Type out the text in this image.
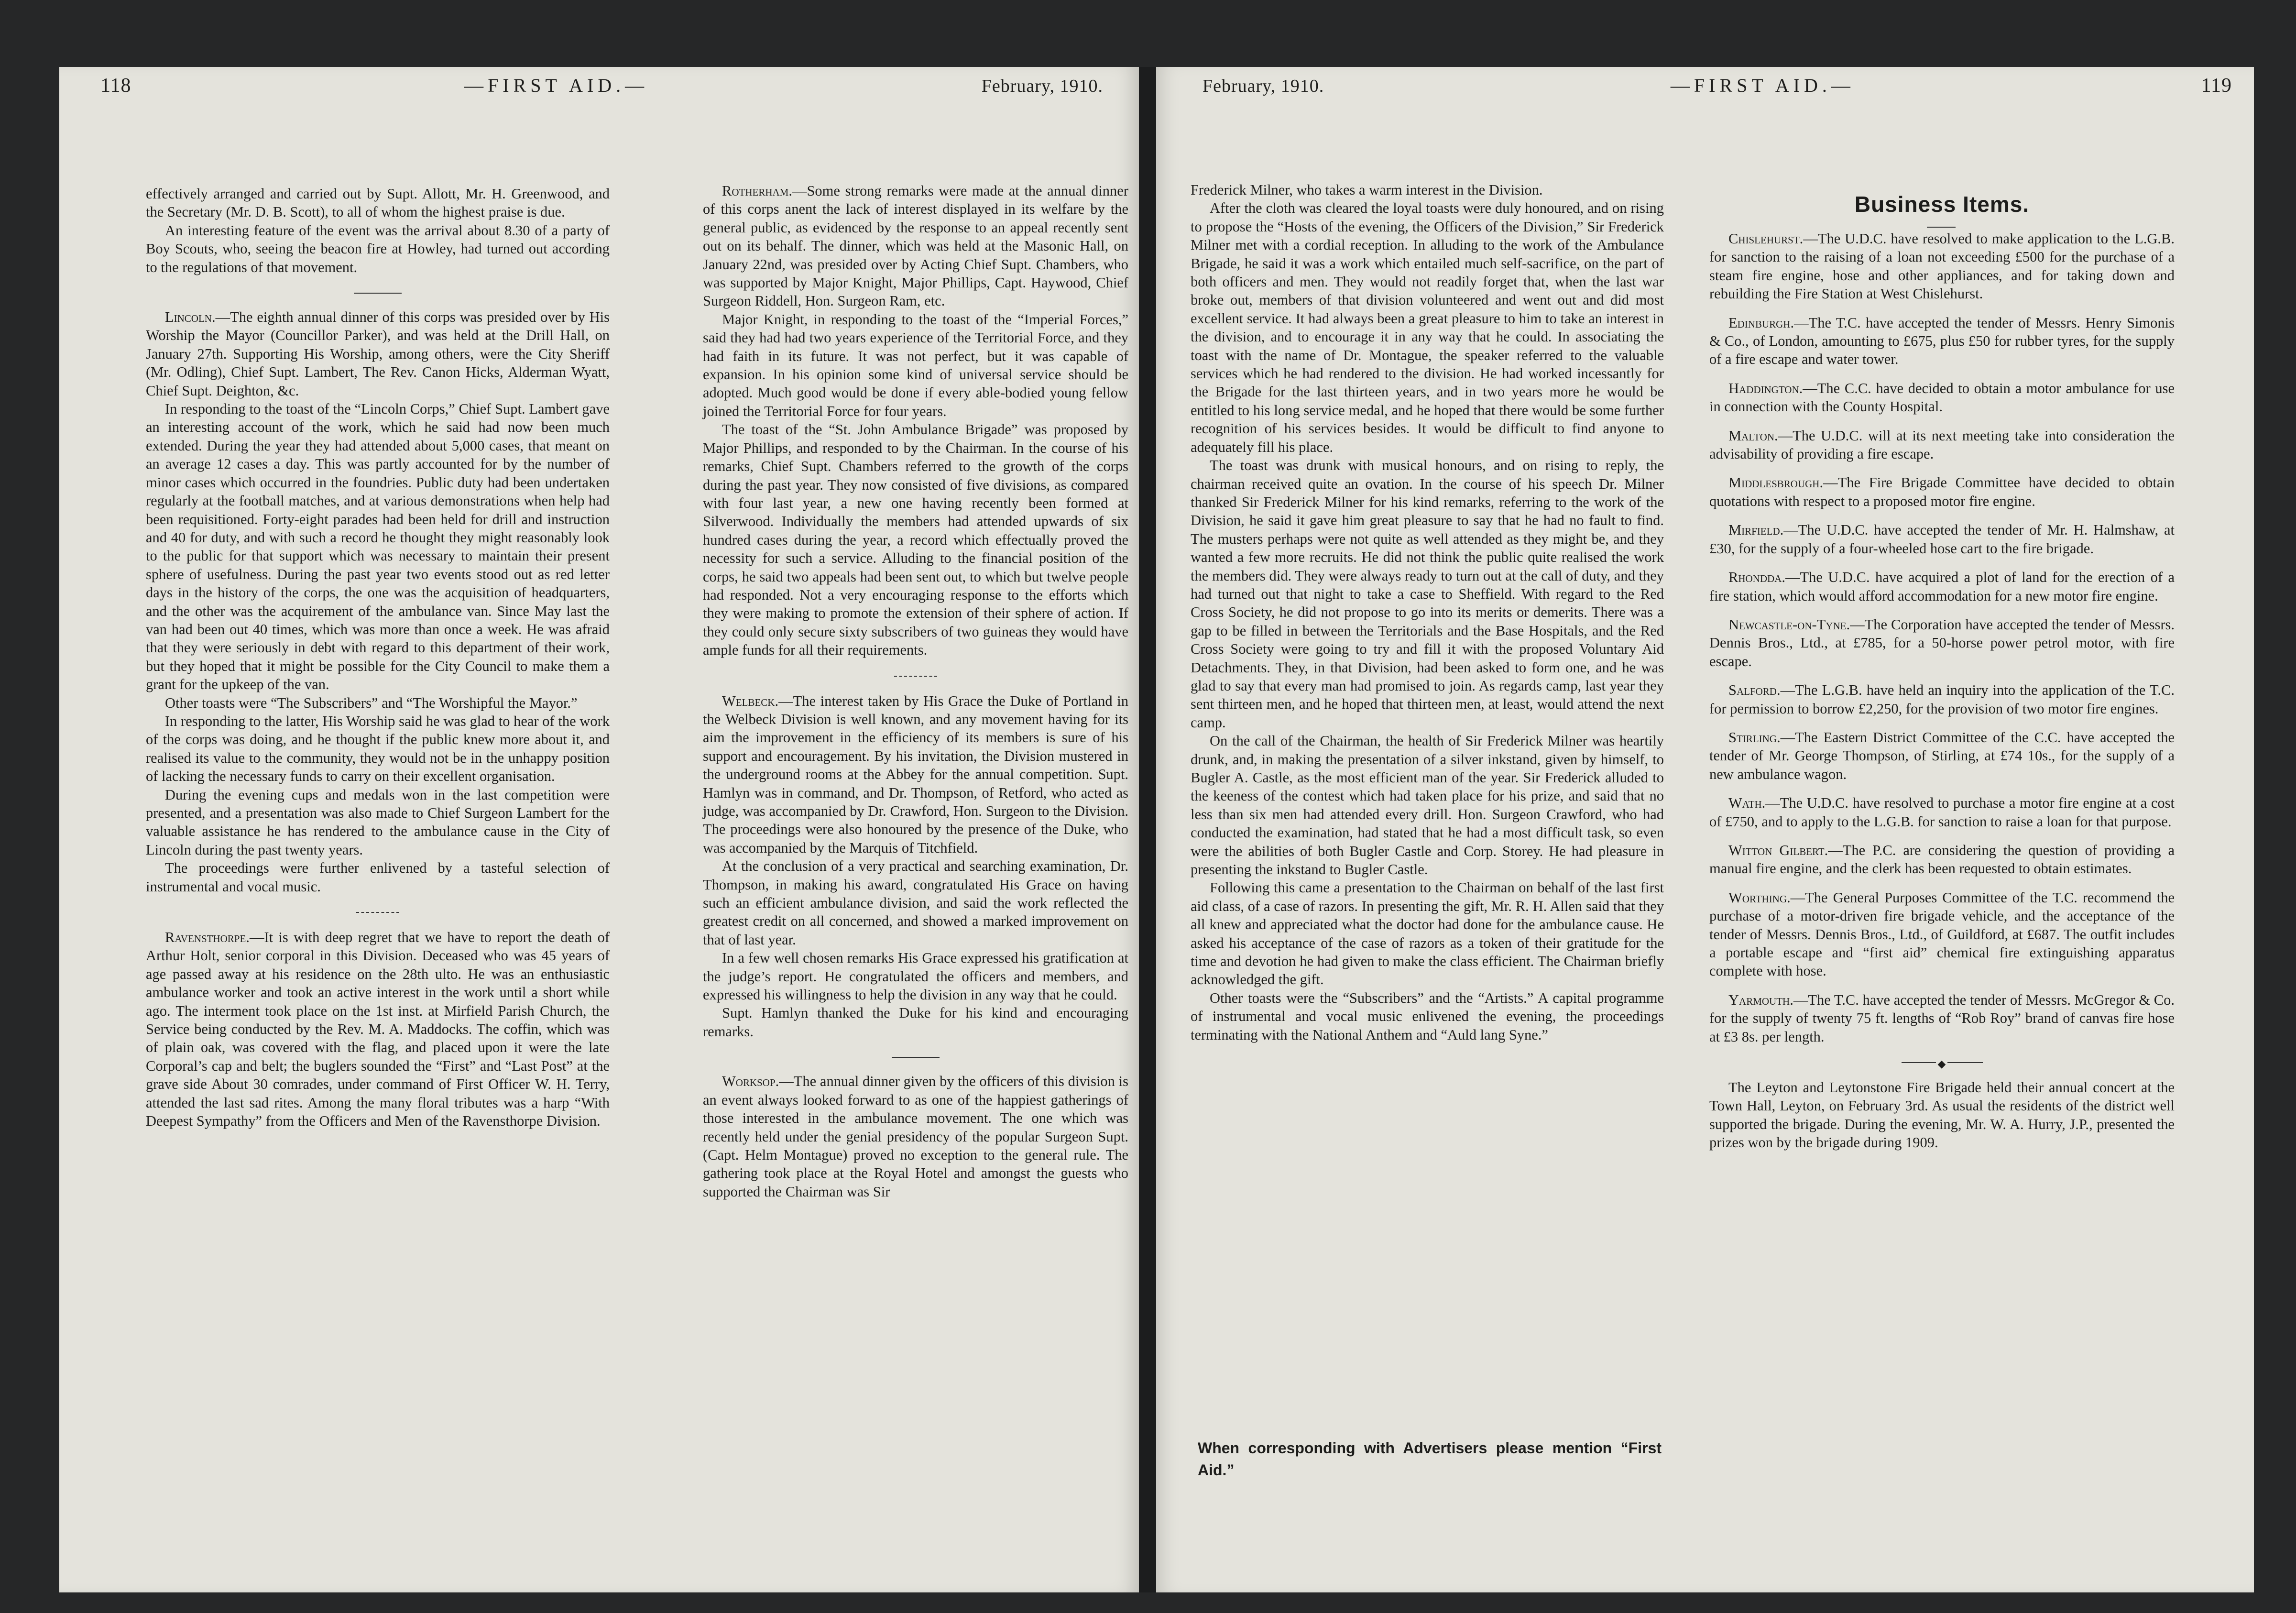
118	—FIRST AID.—	February, 1910.	February, 1910.	—FIRST AID.—	119

effectively arranged and carried out by Supt. Allott, Mr. H. Greenwood, and the Secretary (Mr. D. B. Scott), to all of whom the highest praise is due.

An interesting feature of the event was the arrival about 8.30 of a party of Boy Scouts, who, seeing the beacon fire at Howley, had turned out according to the regulations of that movement.

Lincoln.—The eighth annual dinner of this corps was presided over by His Worship the Mayor (Councillor Parker), and was held at the Drill Hall, on January 27th. Supporting His Worship, among others, were the City Sheriff (Mr. Odling), Chief Supt. Lambert, The Rev. Canon Hicks, Alderman Wyatt, Chief Supt. Deighton, &c.

In responding to the toast of the “Lincoln Corps,” Chief Supt. Lambert gave an interesting account of the work, which he said had now been much extended. During the year they had attended about 5,000 cases, that meant on an average 12 cases a day. This was partly accounted for by the number of minor cases which occurred in the foundries. Public duty had been undertaken regularly at the football matches, and at various demonstrations when help had been requisitioned. Forty-eight parades had been held for drill and instruction and 40 for duty, and with such a record he thought they might reasonably look to the public for that support which was necessary to maintain their present sphere of usefulness. During the past year two events stood out as red letter days in the history of the corps, the one was the acquisition of headquarters, and the other was the acquirement of the ambulance van. Since May last the van had been out 40 times, which was more than once a week. He was afraid that they were seriously in debt with regard to this department of their work, but they hoped that it might be possible for the City Council to make them a grant for the upkeep of the van.

Other toasts were “The Subscribers” and “The Worshipful the Mayor.”

In responding to the latter, His Worship said he was glad to hear of the work of the corps was doing, and he thought if the public knew more about it, and realised its value to the community, they would not be in the unhappy position of lacking the necessary funds to carry on their excellent organisation.

During the evening cups and medals won in the last competition were presented, and a presentation was also made to Chief Surgeon Lambert for the valuable assistance he has rendered to the ambulance cause in the City of Lincoln during the past twenty years.

The proceedings were further enlivened by a tasteful selection of instrumental and vocal music.

Ravensthorpe.—It is with deep regret that we have to report the death of Arthur Holt, senior corporal in this Division. Deceased who was 45 years of age passed away at his residence on the 28th ulto. He was an enthusiastic ambulance worker and took an active interest in the work until a short while ago. The interment took place on the 1st inst. at Mirfield Parish Church, the Service being conducted by the Rev. M. A. Maddocks. The coffin, which was of plain oak, was covered with the flag, and placed upon it were the late Corporal’s cap and belt; the buglers sounded the “First” and “Last Post” at the grave side About 30 comrades, under command of First Officer W. H. Terry, attended the last sad rites. Among the many floral tributes was a harp “With Deepest Sympathy” from the Officers and Men of the Ravensthorpe Division.

Rotherham.—Some strong remarks were made at the annual dinner of this corps anent the lack of interest displayed in its welfare by the general public, as evidenced by the response to an appeal recently sent out on its behalf. The dinner, which was held at the Masonic Hall, on January 22nd, was presided over by Acting Chief Supt. Chambers, who was supported by Major Knight, Major Phillips, Capt. Haywood, Chief Surgeon Riddell, Hon. Surgeon Ram, etc.

Major Knight, in responding to the toast of the “Imperial Forces,” said they had had two years experience of the Territorial Force, and they had faith in its future. It was not perfect, but it was capable of expansion. In his opinion some kind of universal service should be adopted. Much good would be done if every able-bodied young fellow joined the Territorial Force for four years.

The toast of the “St. John Ambulance Brigade” was proposed by Major Phillips, and responded to by the Chairman. In the course of his remarks, Chief Supt. Chambers referred to the growth of the corps during the past year. They now consisted of five divisions, as compared with four last year, a new one having recently been formed at Silverwood. Individually the members had attended upwards of six hundred cases during the year, a record which effectually proved the necessity for such a service. Alluding to the financial position of the corps, he said two appeals had been sent out, to which but twelve people had responded. Not a very encouraging response to the efforts which they were making to promote the extension of their sphere of action. If they could only secure sixty subscribers of two guineas they would have ample funds for all their requirements.

Welbeck.—The interest taken by His Grace the Duke of Portland in the Welbeck Division is well known, and any movement having for its aim the improvement in the efficiency of its members is sure of his support and encouragement. By his invitation, the Division mustered in the underground rooms at the Abbey for the annual competition. Supt. Hamlyn was in command, and Dr. Thompson, of Retford, who acted as judge, was accompanied by Dr. Crawford, Hon. Surgeon to the Division. The proceedings were also honoured by the presence of the Duke, who was accompanied by the Marquis of Titchfield.

At the conclusion of a very practical and searching examination, Dr. Thompson, in making his award, congratulated His Grace on having such an efficient ambulance division, and said the work reflected the greatest credit on all concerned, and showed a marked improvement on that of last year.

In a few well chosen remarks His Grace expressed his gratification at the judge’s report. He congratulated the officers and members, and expressed his willingness to help the division in any way that he could.

Supt. Hamlyn thanked the Duke for his kind and encouraging remarks.

Worksop.—The annual dinner given by the officers of this division is an event always looked forward to as one of the happiest gatherings of those interested in the ambulance movement. The one which was recently held under the genial presidency of the popular Surgeon Supt. (Capt. Helm Montague) proved no exception to the general rule. The gathering took place at the Royal Hotel and amongst the guests who supported the Chairman was Sir

Frederick Milner, who takes a warm interest in the Division.

After the cloth was cleared the loyal toasts were duly honoured, and on rising to propose the “Hosts of the evening, the Officers of the Division,” Sir Frederick Milner met with a cordial reception. In alluding to the work of the Ambulance Brigade, he said it was a work which entailed much self-sacrifice, on the part of both officers and men. They would not readily forget that, when the last war broke out, members of that division volunteered and went out and did most excellent service. It had always been a great pleasure to him to take an interest in the division, and to encourage it in any way that he could. In associating the toast with the name of Dr. Montague, the speaker referred to the valuable services which he had rendered to the division. He had worked incessantly for the Brigade for the last thirteen years, and in two years more he would be entitled to his long service medal, and he hoped that there would be some further recognition of his services besides. It would be difficult to find anyone to adequately fill his place.

The toast was drunk with musical honours, and on rising to reply, the chairman received quite an ovation. In the course of his speech Dr. Milner thanked Sir Frederick Milner for his kind remarks, referring to the work of the Division, he said it gave him great pleasure to say that he had no fault to find. The musters perhaps were not quite as well attended as they might be, and they wanted a few more recruits. He did not think the public quite realised the work the members did. They were always ready to turn out at the call of duty, and they had turned out that night to take a case to Sheffield. With regard to the Red Cross Society, he did not propose to go into its merits or demerits. There was a gap to be filled in between the Territorials and the Base Hospitals, and the Red Cross Society were going to try and fill it with the proposed Voluntary Aid Detachments. They, in that Division, had been asked to form one, and he was glad to say that every man had promised to join. As regards camp, last year they sent thirteen men, and he hoped that thirteen men, at least, would attend the next camp.

On the call of the Chairman, the health of Sir Frederick Milner was heartily drunk, and, in making the presentation of a silver inkstand, given by himself, to Bugler A. Castle, as the most efficient man of the year. Sir Frederick alluded to the keeness of the contest which had taken place for his prize, and said that no less than six men had attended every drill. Hon. Surgeon Crawford, who had conducted the examination, had stated that he had a most difficult task, so even were the abilities of both Bugler Castle and Corp. Storey. He had pleasure in presenting the inkstand to Bugler Castle.

Following this came a presentation to the Chairman on behalf of the last first aid class, of a case of razors. In presenting the gift, Mr. R. H. Allen said that they all knew and appreciated what the doctor had done for the ambulance cause. He asked his acceptance of the case of razors as a token of their gratitude for the time and devotion he had given to make the class efficient. The Chairman briefly acknowledged the gift.

Other toasts were the “Subscribers” and the “Artists.” A capital programme of instrumental and vocal music enlivened the evening, the proceedings terminating with the National Anthem and “Auld lang Syne.”

When corresponding with Advertisers please mention “First Aid.”
Business Items.

Chislehurst.—The U.D.C. have resolved to make application to the L.G.B. for sanction to the raising of a loan not exceeding £500 for the purchase of a steam fire engine, hose and other appliances, and for taking down and rebuilding the Fire Station at West Chislehurst.

Edinburgh.—The T.C. have accepted the tender of Messrs. Henry Simonis & Co., of London, amounting to £675, plus £50 for rubber tyres, for the supply of a fire escape and water tower.

Haddington.—The C.C. have decided to obtain a motor ambulance for use in connection with the County Hospital.

Malton.—The U.D.C. will at its next meeting take into consideration the advisability of providing a fire escape.

Middlesbrough.—The Fire Brigade Committee have decided to obtain quotations with respect to a proposed motor fire engine.

Mirfield.—The U.D.C. have accepted the tender of Mr. H. Halmshaw, at £30, for the supply of a four-wheeled hose cart to the fire brigade.

Rhondda.—The U.D.C. have acquired a plot of land for the erection of a fire station, which would afford accommodation for a new motor fire engine.

Newcastle-on-Tyne.—The Corporation have accepted the tender of Messrs. Dennis Bros., Ltd., at £785, for a 50-horse power petrol motor, with fire escape.

Salford.—The L.G.B. have held an inquiry into the application of the T.C. for permission to borrow £2,250, for the provision of two motor fire engines.

Stirling.—The Eastern District Committee of the C.C. have accepted the tender of Mr. George Thompson, of Stirling, at £74 10s., for the supply of a new ambulance wagon.

Wath.—The U.D.C. have resolved to purchase a motor fire engine at a cost of £750, and to apply to the L.G.B. for sanction to raise a loan for that purpose.

Witton Gilbert.—The P.C. are considering the question of providing a manual fire engine, and the clerk has been requested to obtain estimates.

Worthing.—The General Purposes Committee of the T.C. recommend the purchase of a motor-driven fire brigade vehicle, and the acceptance of the tender of Messrs. Dennis Bros., Ltd., of Guildford, at £687. The outfit includes a portable escape and “first aid” chemical fire extinguishing apparatus complete with hose.

Yarmouth.—The T.C. have accepted the tender of Messrs. McGregor & Co. for the supply of twenty 75 ft. lengths of “Rob Roy” brand of canvas fire hose at £3 8s. per length.

◆

The Leyton and Leytonstone Fire Brigade held their annual concert at the Town Hall, Leyton, on February 3rd. As usual the residents of the district well supported the brigade. During the evening, Mr. W. A. Hurry, J.P., presented the prizes won by the brigade during 1909.
